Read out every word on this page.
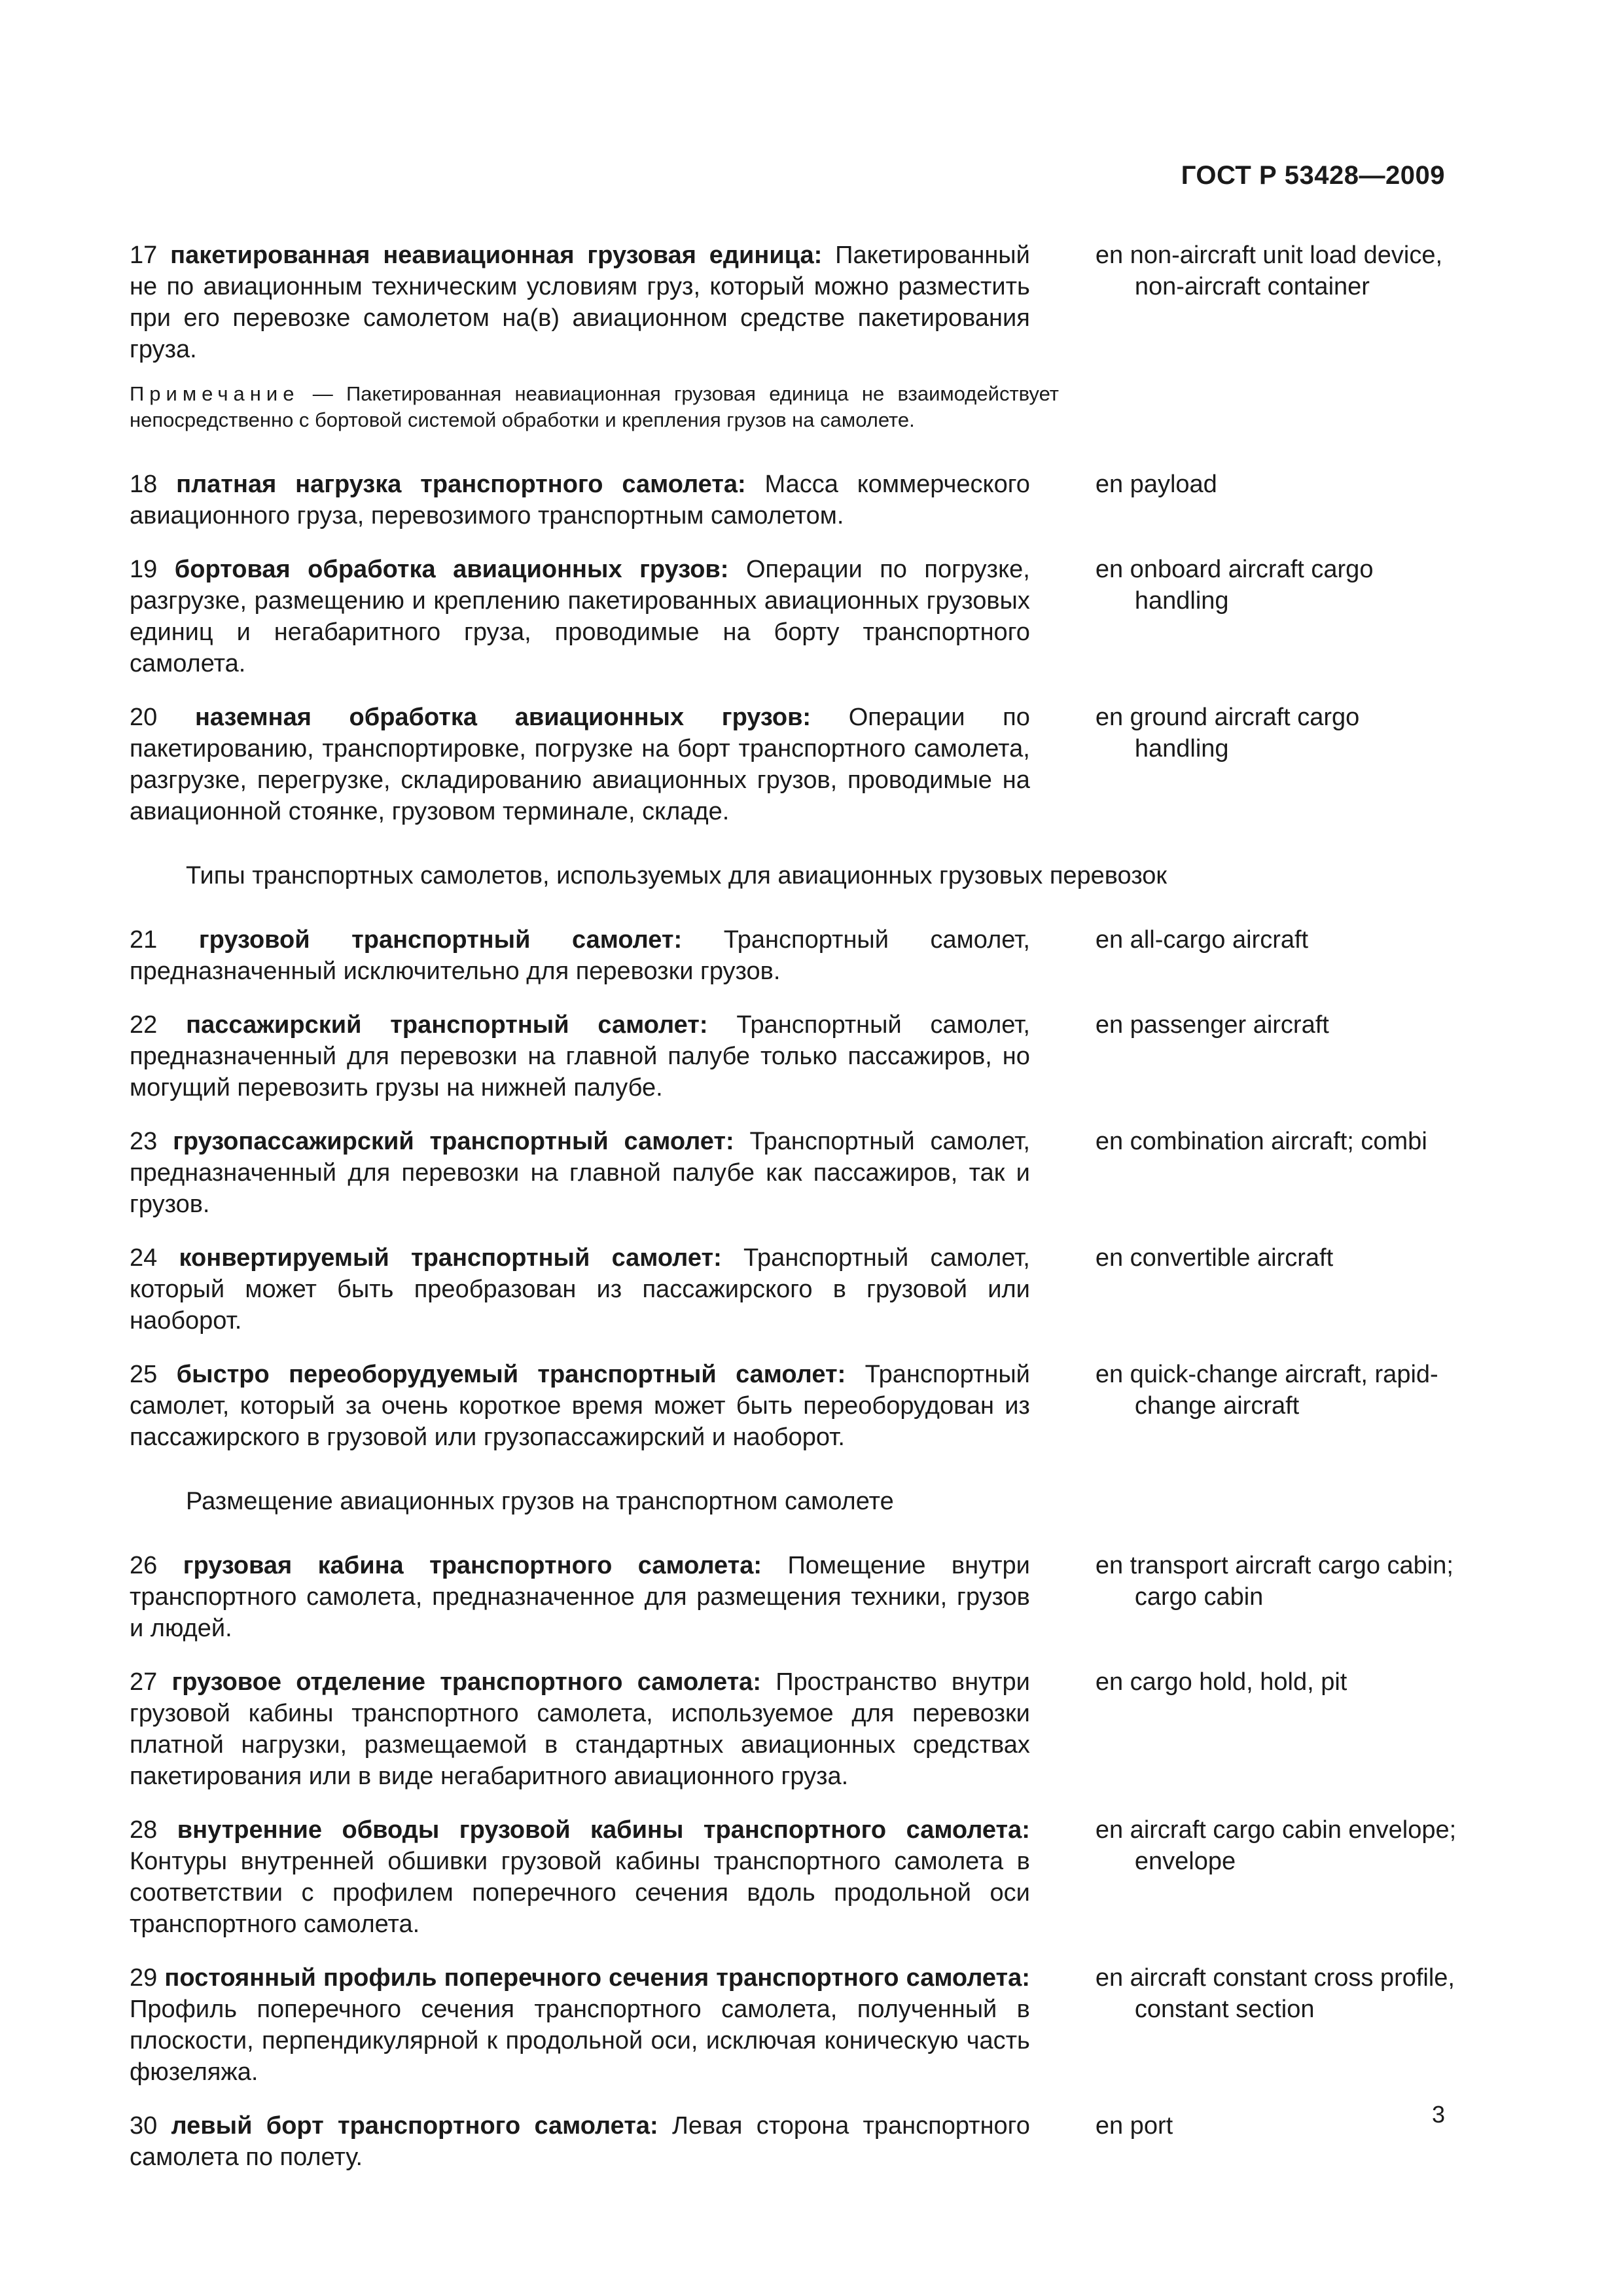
ГОСТ Р 53428—2009
17 пакетированная неавиационная грузовая единица: Пакетированный не по авиационным техническим условиям груз, который можно разместить при его перевозке самолетом на(в) авиационном средстве пакетирования груза.
en non-aircraft unit load device, non-aircraft container
Примечание — Пакетированная неавиационная грузовая единица не взаимодействует непосредственно с бортовой системой обработки и крепления грузов на самолете.
18 платная нагрузка транспортного самолета: Масса коммерческого авиационного груза, перевозимого транспортным самолетом.
en payload
19 бортовая обработка авиационных грузов: Операции по погрузке, разгрузке, размещению и креплению пакетированных авиационных грузовых единиц и негабаритного груза, проводимые на борту транспортного самолета.
en onboard aircraft cargo handling
20 наземная обработка авиационных грузов: Операции по пакетированию, транспортировке, погрузке на борт транспортного самолета, разгрузке, перегрузке, складированию авиационных грузов, проводимые на авиационной стоянке, грузовом терминале, складе.
en ground aircraft cargo handling
Типы транспортных самолетов, используемых для авиационных грузовых перевозок
21 грузовой транспортный самолет: Транспортный самолет, предназначенный исключительно для перевозки грузов.
en all-cargo aircraft
22 пассажирский транспортный самолет: Транспортный самолет, предназначенный для перевозки на главной палубе только пассажиров, но могущий перевозить грузы на нижней палубе.
en passenger aircraft
23 грузопассажирский транспортный самолет: Транспортный самолет, предназначенный для перевозки на главной палубе как пассажиров, так и грузов.
en combination aircraft; combi
24 конвертируемый транспортный самолет: Транспортный самолет, который может быть преобразован из пассажирского в грузовой или наоборот.
en convertible aircraft
25 быстро переоборудуемый транспортный самолет: Транспортный самолет, который за очень короткое время может быть переоборудован из пассажирского в грузовой или грузопассажирский и наоборот.
en quick-change aircraft, rapid-change aircraft
Размещение авиационных грузов на транспортном самолете
26 грузовая кабина транспортного самолета: Помещение внутри транспортного самолета, предназначенное для размещения техники, грузов и людей.
en transport aircraft cargo cabin; cargo cabin
27 грузовое отделение транспортного самолета: Пространство внутри грузовой кабины транспортного самолета, используемое для перевозки платной нагрузки, размещаемой в стандартных авиационных средствах пакетирования или в виде негабаритного авиационного груза.
en cargo hold, hold, pit
28 внутренние обводы грузовой кабины транспортного самолета: Контуры внутренней обшивки грузовой кабины транспортного самолета в соответствии с профилем поперечного сечения вдоль продольной оси транспортного самолета.
en aircraft cargo cabin envelope; envelope
29 постоянный профиль поперечного сечения транспортного самолета: Профиль поперечного сечения транспортного самолета, полученный в плоскости, перпендикулярной к продольной оси, исключая коническую часть фюзеляжа.
en aircraft constant cross profile, constant section
30 левый борт транспортного самолета: Левая сторона транспортного самолета по полету.
en port	3
